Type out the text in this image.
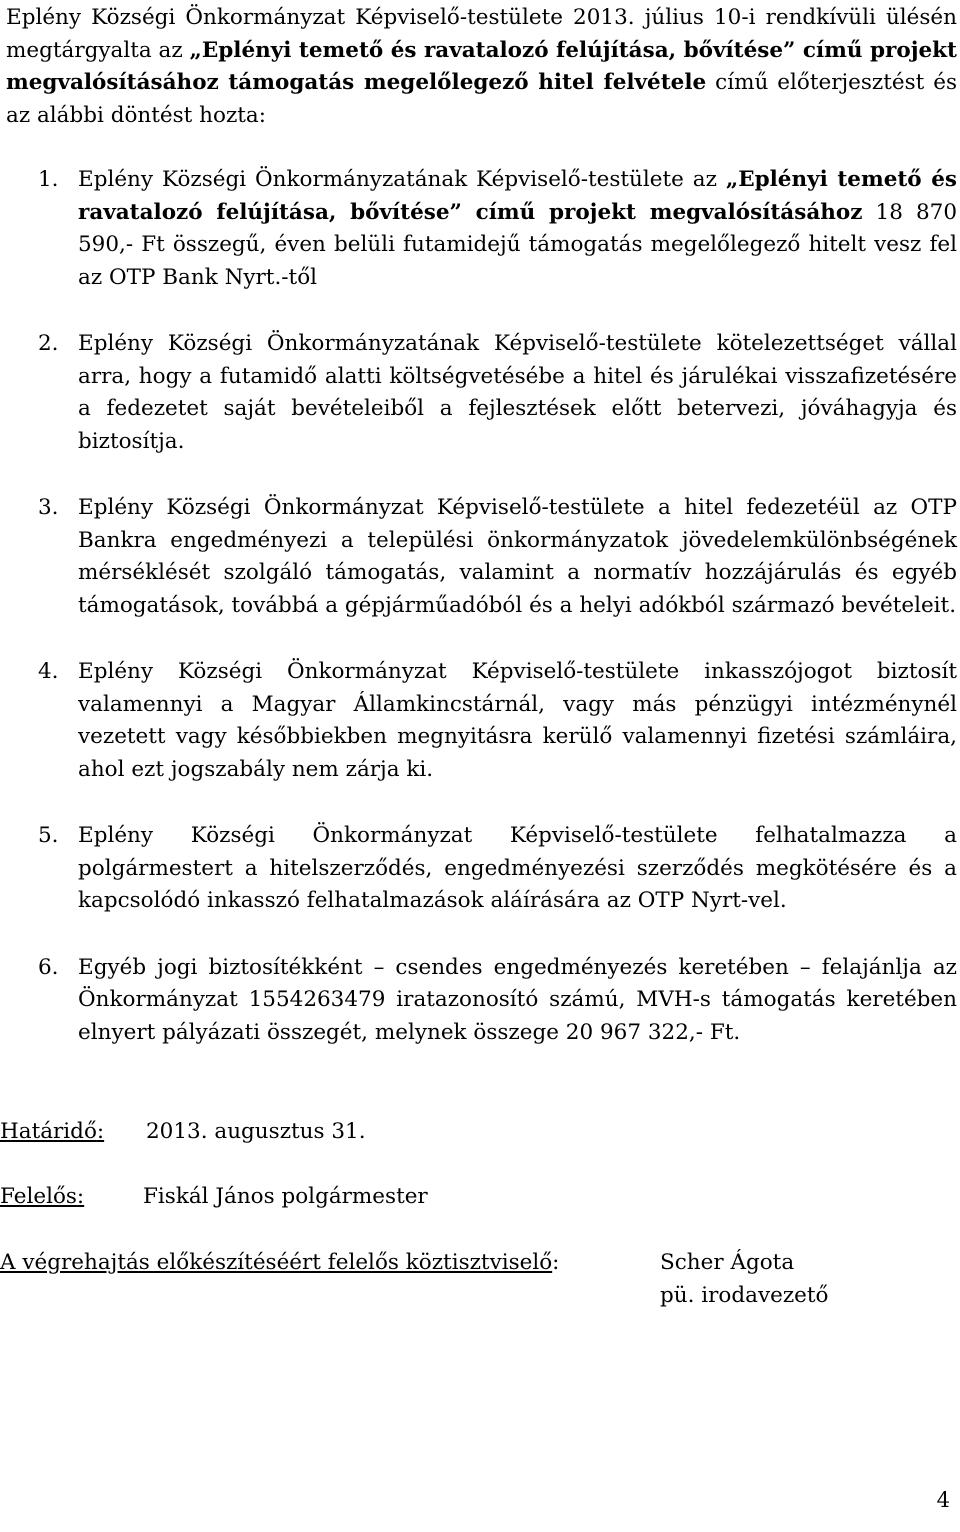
Eplény Községi Önkormányzat Képviselő-testülete 2013. július 10-i rendkívüli ülésén megtárgyalta az „Eplényi temető és ravatalozó felújítása, bővítése” című projekt megvalósításához támogatás megelőlegező hitel felvétele című előterjesztést és az alábbi döntést hozta:

1. Eplény Községi Önkormányzatának Képviselő-testülete az „Eplényi temető és ravatalozó felújítása, bővítése” című projekt megvalósításához 18 870 590,- Ft összegű, éven belüli futamidejű támogatás megelőlegező hitelt vesz fel az OTP Bank Nyrt.-től

2. Eplény Községi Önkormányzatának Képviselő-testülete kötelezettséget vállal arra, hogy a futamidő alatti költségvetésébe a hitel és járulékai visszafizetésére a fedezetet saját bevételeiből a fejlesztések előtt betervezi, jóváhagyja és biztosítja.

3. Eplény Községi Önkormányzat Képviselő-testülete a hitel fedezetéül az OTP Bankra engedményezi a települési önkormányzatok jövedelemkülönbségének mérséklését szolgáló támogatás, valamint a normatív hozzájárulás és egyéb támogatások, továbbá a gépjárműadóból és a helyi adókból származó bevételeit.

4. Eplény Községi Önkormányzat Képviselő-testülete inkasszójogot biztosít valamennyi a Magyar Államkincstárnál, vagy más pénzügyi intézménynél vezetett vagy későbbiekben megnyitásra kerülő valamennyi fizetési számláira, ahol ezt jogszabály nem zárja ki.

5. Eplény Községi Önkormányzat Képviselő-testülete felhatalmazza a polgármestert a hitelszerződés, engedményezési szerződés megkötésére és a kapcsolódó inkasszó felhatalmazások aláírására az OTP Nyrt-vel.

6. Egyéb jogi biztosítékként – csendes engedményezés keretében – felajánlja az Önkormányzat 1554263479 iratazonosító számú, MVH-s támogatás keretében elnyert pályázati összegét, melynek összege 20 967 322,- Ft.

Határidő: 2013. augusztus 31.
Felelős:	Fiskál János polgármester
A végrehajtás előkészítéséért felelős köztisztviselő:	Scher Ágota
pü. irodavezető
4
